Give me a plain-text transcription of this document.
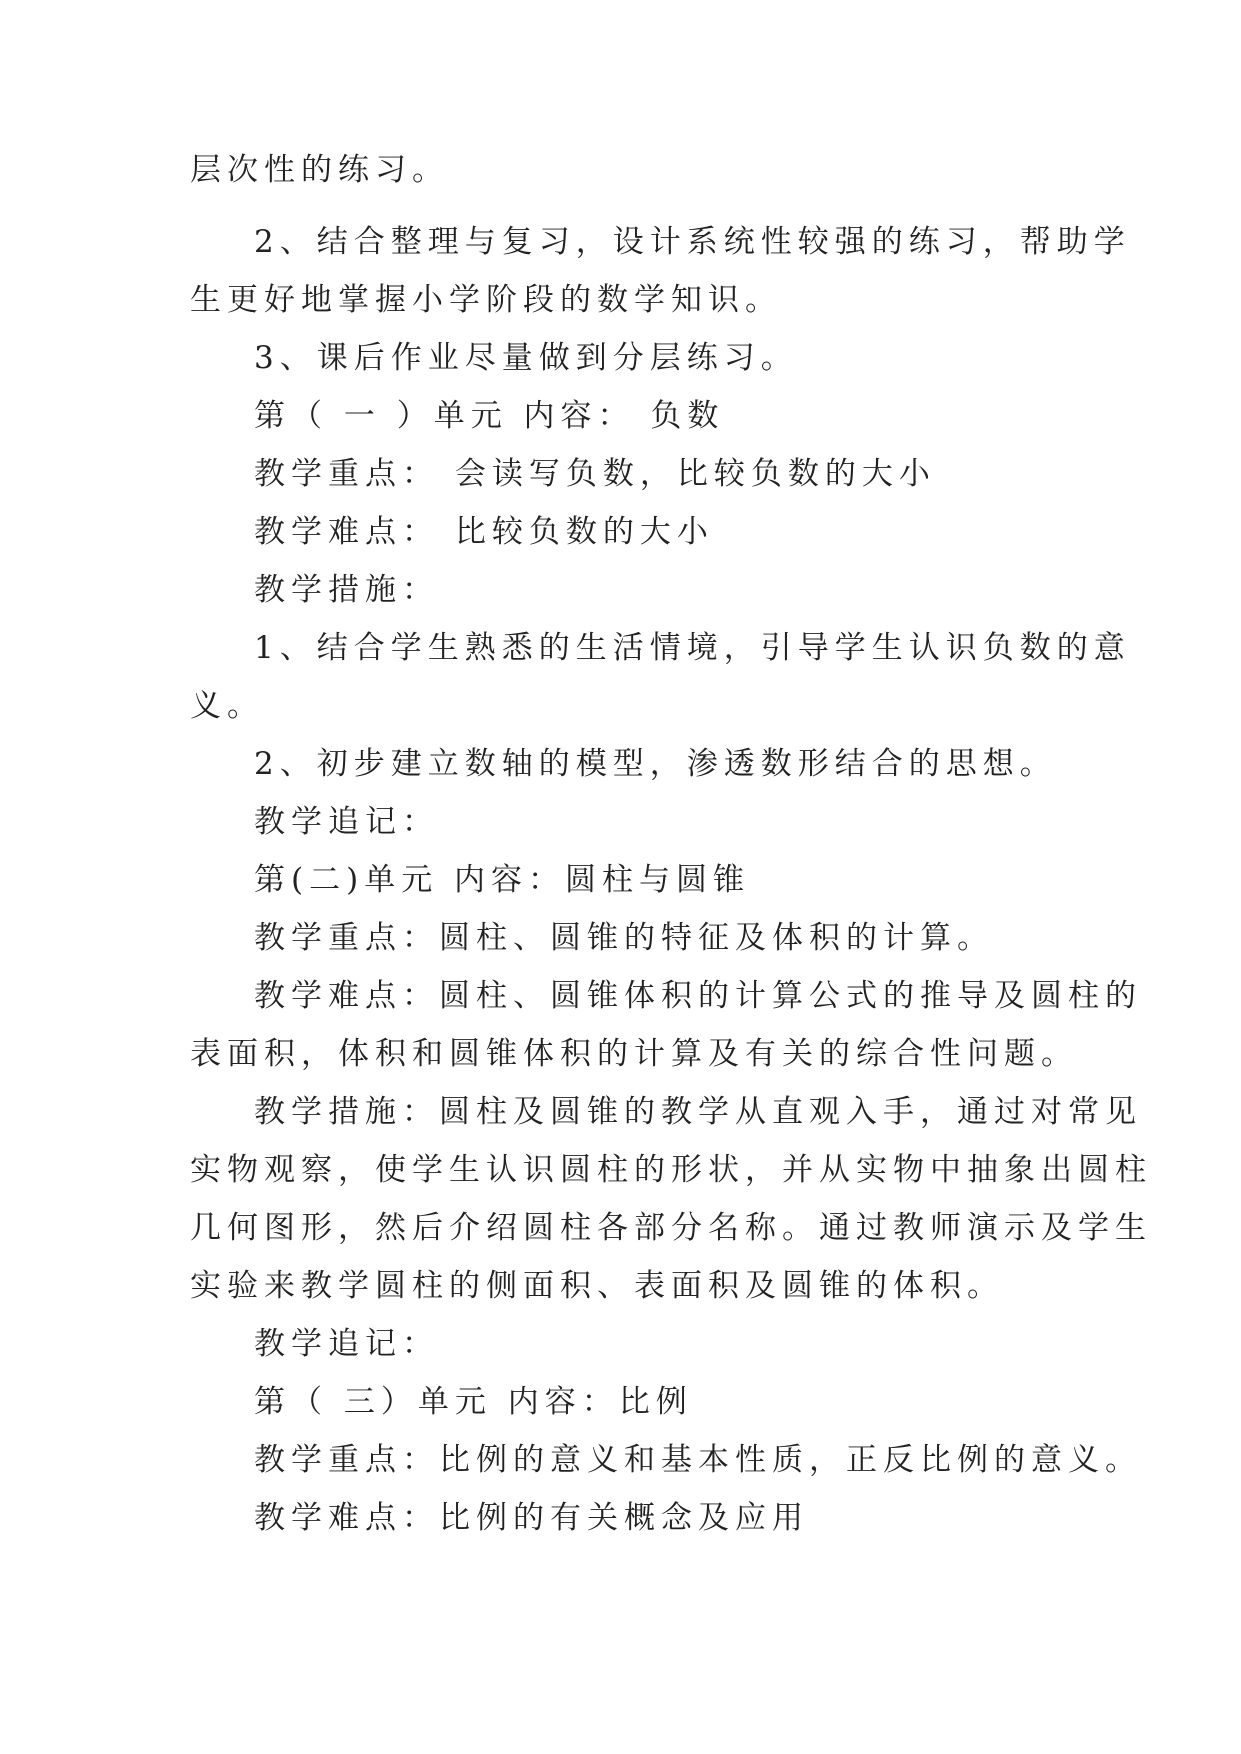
层次性的练习。

2、结合整理与复习，设计系统性较强的练习，帮助学

生更好地掌握小学阶段的数学知识。

3、课后作业尽量做到分层练习。

第（ 一 ）单元 内容： 负数

教学重点： 会读写负数，比较负数的大小

教学难点： 比较负数的大小

教学措施：

1、结合学生熟悉的生活情境，引导学生认识负数的意

义。

2、初步建立数轴的模型，渗透数形结合的思想。

教学追记：

第(二)单元 内容：圆柱与圆锥

教学重点：圆柱、圆锥的特征及体积的计算。

教学难点：圆柱、圆锥体积的计算公式的推导及圆柱的

表面积，体积和圆锥体积的计算及有关的综合性问题。

教学措施：圆柱及圆锥的教学从直观入手，通过对常见

实物观察，使学生认识圆柱的形状，并从实物中抽象出圆柱

几何图形，然后介绍圆柱各部分名称。通过教师演示及学生

实验来教学圆柱的侧面积、表面积及圆锥的体积。

教学追记：

第（ 三）单元 内容：比例

教学重点：比例的意义和基本性质，正反比例的意义。

教学难点：比例的有关概念及应用
